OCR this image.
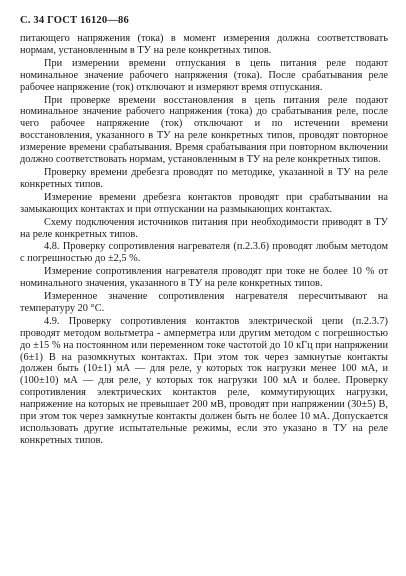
С. 34 ГОСТ 16120—86

питающего напряжения (тока) в момент измерения должна соответствовать нормам, установленным в ТУ на реле конкретных типов.

При измерении времени отпускания в цепь питания реле подают номинальное значение рабочего напряжения (тока). После срабатывания реле рабочее напряжение (ток) отключают и измеряют время отпускания.

При проверке времени восстановления в цепь питания реле подают номинальное значение рабочего напряжения (тока) до срабатывания реле, после чего рабочее напряжение (ток) отключают и по истечении времени восстановления, указанного в ТУ на реле конкретных типов, проводят повторное измерение времени срабатывания. Время срабатывания при повторном включении должно соответствовать нормам, установленным в ТУ на реле конкретных типов.

Проверку времени дребезга проводят по методике, указанной в ТУ на реле конкретных типов.

Измерение времени дребезга контактов проводят при срабатывании на замыкающих контактах и при отпускании на размыкающих контактах.

Схему подключения источников питания при необходимости приводят в ТУ на реле конкретных типов.

4.8. Проверку сопротивления нагревателя (п.2.3.6) проводят любым методом с погрешностью до ±2,5 %.

Измерение сопротивления нагревателя проводят при токе не более 10 % от номинального значения, указанного в ТУ на реле конкретных типов.

Измеренное значение сопротивления нагревателя пересчитывают на температуру 20 °С.

4.9. Проверку сопротивления контактов электрической цепи (п.2.3.7) проводят методом вольтметра - амперметра или другим методом с погрешностью до ±15 % на постоянном или переменном токе частотой до 10 кГц при напряжении (6±1) В на разомкнутых контактах. При этом ток через замкнутые контакты должен быть (10±1) мА — для реле, у которых ток нагрузки менее 100 мА, и (100±10) мА — для реле, у которых ток нагрузки 100 мА и более. Проверку сопротивления электрических контактов реле, коммутирующих нагрузки, напряжение на которых не превышает 200 мВ, проводят при напряжении (30±5) В, при этом ток через замкнутые контакты должен быть не более 10 мА. Допускается использовать другие испытательные режимы, если это указано в ТУ на реле конкретных типов.
